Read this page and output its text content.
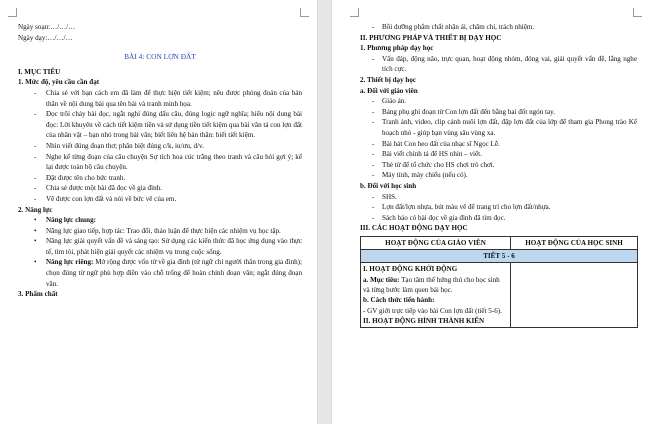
Ngày soạn:…/…/…

Ngày dạy:…/…/…

BÀI 4: CON LỢN ĐẤT

I. MỤC TIÊU

1. Mức độ, yêu cầu cần đạt

- Chia sẻ với bạn cách em đã làm để thực hiện tiết kiệm; nêu được phỏng đoán của bản thân về nội dung bài qua tên bài và tranh minh họa.
- Đọc trôi chảy bài đọc, ngắt nghỉ đúng dấu câu, đúng logic ngữ nghĩa; hiểu nội dung bài đọc: Lời khuyên về cách tiết kiệm tiền và sử dụng tiền tiết kiệm qua bài văn tả con lợn đất của nhân vật – bạn nhỏ trong bài văn; biết liên hệ bản thân: biết tiết kiệm.
- Nhìn viết đúng đoạn thơ; phân biệt đúng c/k, iu/ưu, d/v.
- Nghe kể từng đoạn của câu chuyện Sự tích hoa cúc trắng theo tranh và câu hỏi gợi ý; kể lại được toàn bộ câu chuyện.
- Đặt được tên cho bức tranh.
- Chia sẻ được một bài đã đọc về gia đình.
- Vẽ được con lợn đất và nói về bức vẽ của em.

2. Năng lực

• Năng lực chung:
• Năng lực giao tiếp, hợp tác: Trao đổi, thảo luận để thực hiện các nhiệm vụ học tập.
• Năng lực giải quyết vấn đề và sáng tạo: Sử dụng các kiến thức đã học ứng dụng vào thực tế, tìm tòi, phát hiện giải quyết các nhiệm vụ trong cuộc sống.
• Năng lực riêng: Mở rộng được vốn từ về gia đình (từ ngữ chỉ người thân trong gia đình); chọn đúng từ ngữ phù hợp điền vào chỗ trống để hoàn chỉnh đoạn văn; ngắt đúng đoạn văn.

3. Phẩm chất

- Bồi dưỡng phẩm chất nhân ái, chăm chỉ, trách nhiệm.

II. PHƯƠNG PHÁP VÀ THIẾT BỊ DẠY HỌC

1. Phương pháp dạy học

- Vấn đáp, động não, trực quan, hoạt động nhóm, đóng vai, giải quyết vấn đề, lắng nghe tích cực.

2. Thiết bị dạy học

a. Đối với giáo viên

- Giáo án.
- Bảng phụ ghi đoạn từ Con lợn đất đến bằng hai đốt ngón tay.
- Tranh ảnh, video, clip cảnh nuôi lợn đất, đập lợn đất của lớp để tham gia Phong trào Kế hoạch nhỏ - giúp bạn vùng sâu vùng xa.
- Bài hát Con heo đất của nhạc sĩ Ngọc Lễ.
- Bài viết chính tả để HS nhìn – viết.
- Thẻ từ để tổ chức cho HS chơi trò chơi.
- Máy tính, máy chiếu (nếu có).

b. Đối với học sinh

- SHS.
- Lợn đất/lợn nhựa, bút màu vẽ để trang trí cho lợn đất/nhựa.
- Sách báo có bài đọc về gia đình đã tìm đọc.

III. CÁC HOẠT ĐỘNG DẠY HỌC

HOẠT ĐỘNG CỦA GIÁO VIÊN	HOẠT ĐỘNG CỦA HỌC SINH
TIẾT 5 - 6	

I. HOẠT ĐỘNG KHỞI ĐỘNG
a. Mục tiêu: Tạo tâm thế hứng thú cho học sinh và từng bước làm quen bài học.
b. Cách thức tiến hành:
- GV giới trực tiếp vào bài Con lợn đất (tiết 5-6).
II. HOẠT ĐỘNG HÌNH THÀNH KIẾN	
